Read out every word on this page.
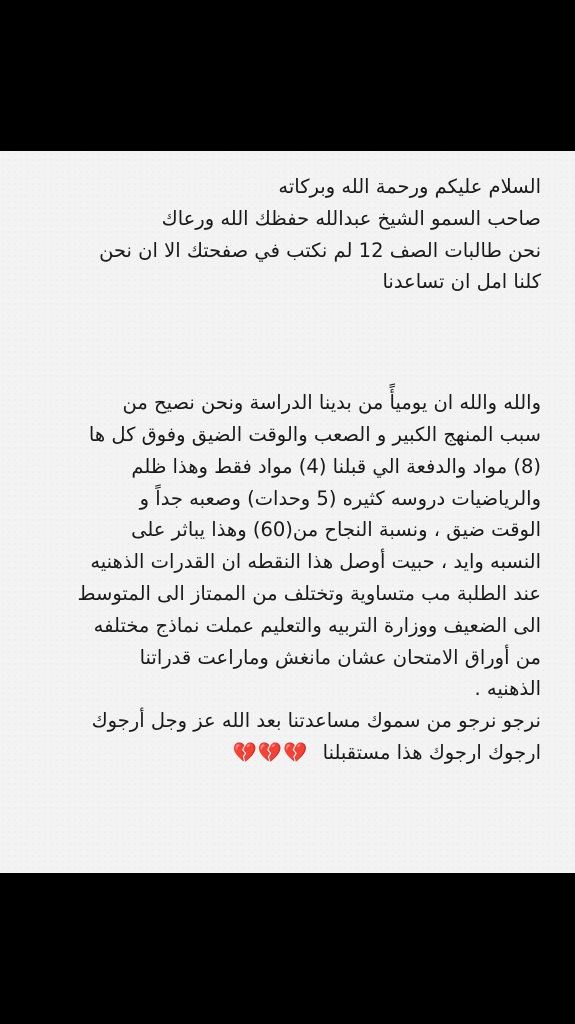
السلام عليكم ورحمة الله وبركاته
صاحب السمو الشيخ عبدالله حفظك الله ورعاك
نحن طالبات الصف 12 لم نكتب في صفحتك الا ان نحن
كلنا امل ان تساعدنا
والله والله ان يوميأً من بدينا الدراسة ونحن نصيح من
سبب المنهج الكبير و الصعب والوقت الضيق وفوق كل ها
(8) مواد والدفعة الي قبلنا (4) مواد فقط وهذا ظلم
والرياضيات دروسه كثيره (5 وحدات) وصعبه جداً و
الوقت ضيق ، ونسبة النجاح من(60) وهذا يباثر على
النسبه وايد ، حبيت أوصل هذا النقطه ان القدرات الذهنيه
عند الطلبة مب متساوية وتختلف من الممتاز الى المتوسط
الى الضعيف ووزارة التربيه والتعليم عملت نماذج مختلفه
من أوراق الامتحان عشان مانغش وماراعت قدراتنا
الذهنيه .
نرجو نرجو من سموك مساعدتنا بعد الله عز وجل أرجوك
ارجوك ارجوك هذا مستقبلنا 💔💔💔
